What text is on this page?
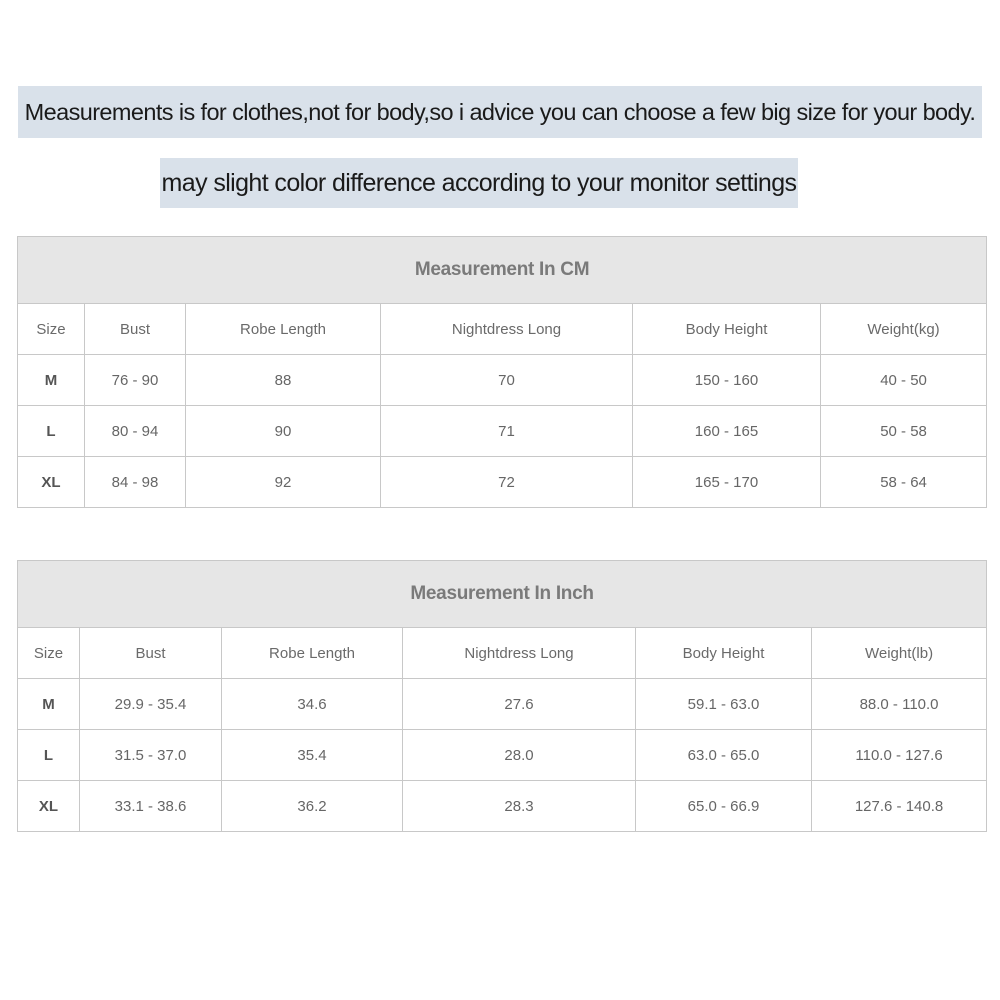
Measurements is for clothes,not for body,so i advice you can choose a few big size for your body.
may slight color difference according to your monitor settings
Measurement In CM					
Size	Bust	Robe Length	Nightdress Long	Body Height	Weight(kg)
M	76 - 90	88	70	150 - 160	40 - 50
L	80 - 94	90	71	160 - 165	50 - 58
XL	84 - 98	92	72	165 - 170	58 - 64
Measurement In Inch					
Size	Bust	Robe Length	Nightdress Long	Body Height	Weight(lb)
M	29.9 - 35.4	34.6	27.6	59.1 - 63.0	88.0 - 110.0
L	31.5 - 37.0	35.4	28.0	63.0 - 65.0	110.0 - 127.6
XL	33.1 - 38.6	36.2	28.3	65.0 - 66.9	127.6 - 140.8
